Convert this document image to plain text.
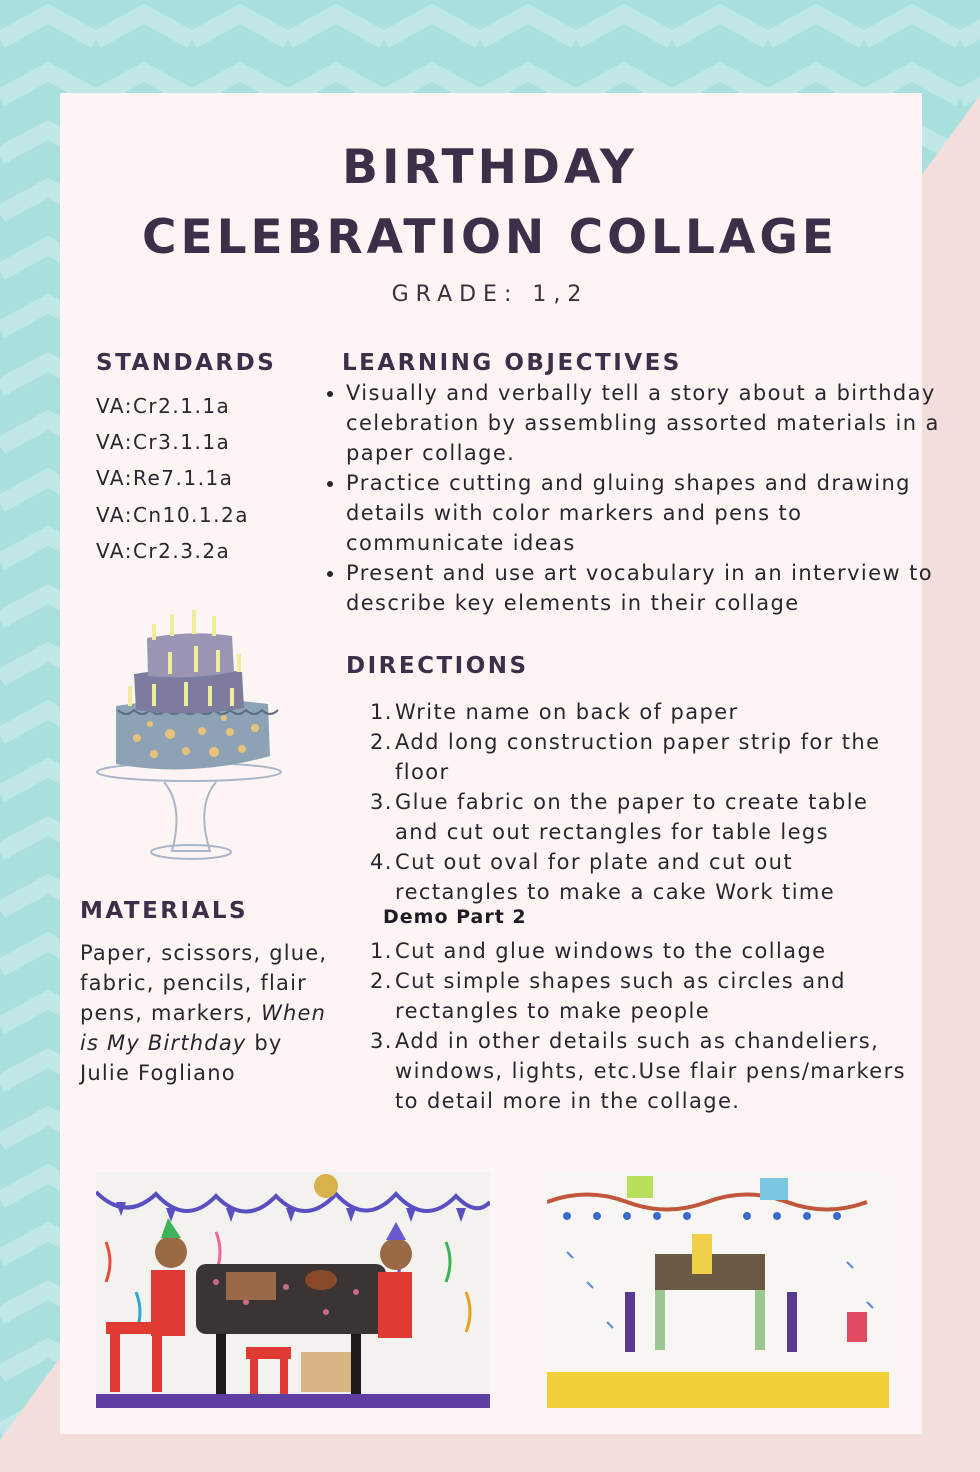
BIRTHDAY
CELEBRATION COLLAGE
GRADE: 1,2
STANDARDS
VA:Cr2.1.1a
VA:Cr3.1.1a
VA:Re7.1.1a
VA:Cn10.1.2a
VA:Cr2.3.2a
LEARNING OBJECTIVES
• Visually and verbally tell a story about a birthday celebration by assembling assorted materials in a paper collage.
• Practice cutting and gluing shapes and drawing details with color markers and pens to communicate ideas
• Present and use art vocabulary in an interview to describe key elements in their collage
DIRECTIONS
1. Write name on back of paper
2. Add long construction paper strip for the floor
3. Glue fabric on the paper to create table and cut out rectangles for table legs
4. Cut out oval for plate and cut out rectangles to make a cake Work time
Demo Part 2
1. Cut and glue windows to the collage
2. Cut simple shapes such as circles and rectangles to make people
3. Add in other details such as chandeliers, windows, lights, etc.Use flair pens/markers to detail more in the collage.
MATERIALS
Paper, scissors, glue, fabric, pencils, flair pens, markers, When is My Birthday by Julie Fogliano
